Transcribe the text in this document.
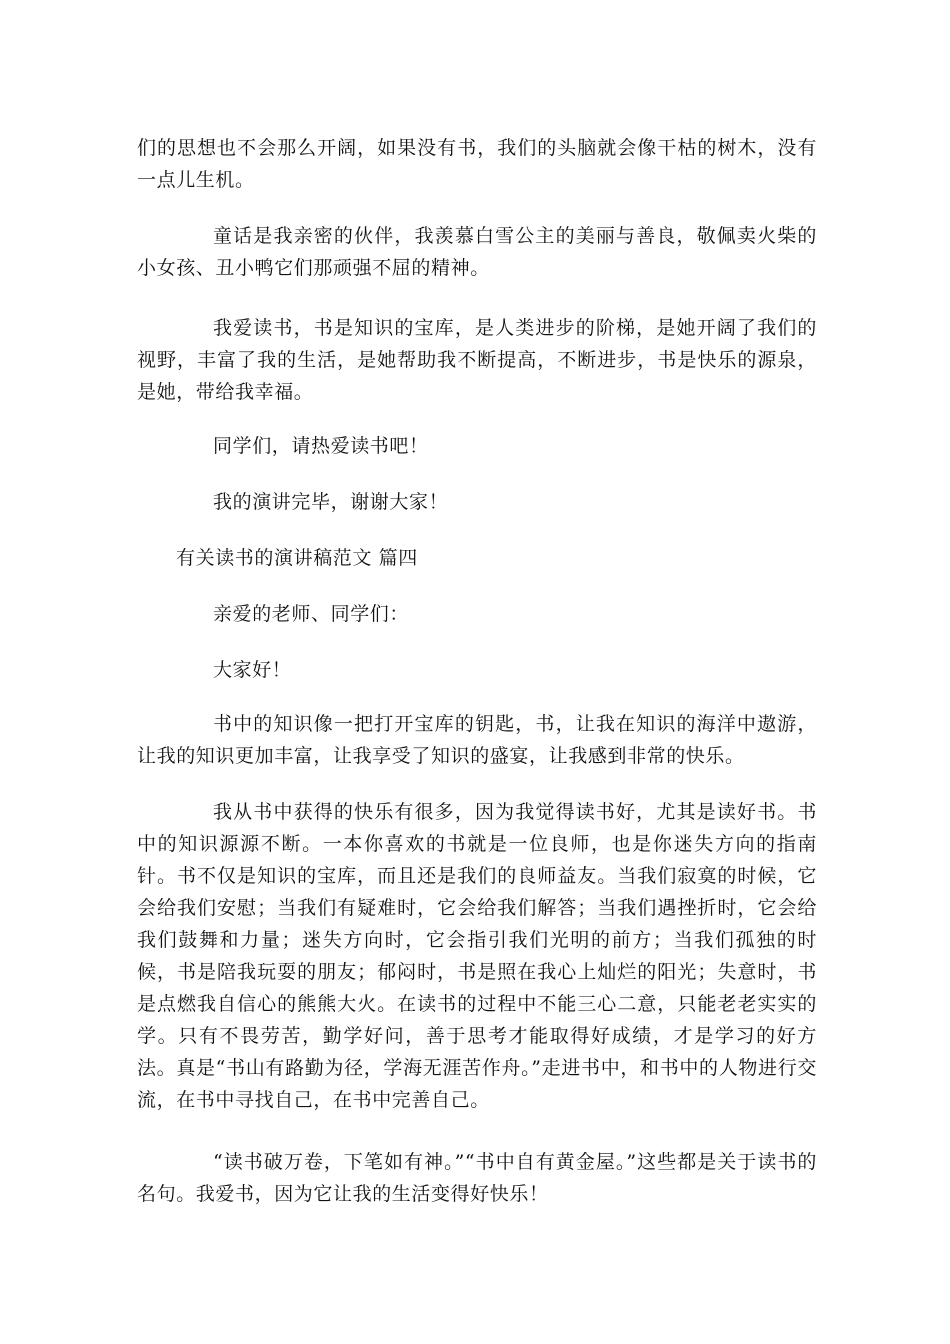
们的思想也不会那么开阔，如果没有书，我们的头脑就会像干枯的树木，没有一点儿生机。

童话是我亲密的伙伴，我羡慕白雪公主的美丽与善良，敬佩卖火柴的小女孩、丑小鸭它们那顽强不屈的精神。

我爱读书，书是知识的宝库，是人类进步的阶梯，是她开阔了我们的视野，丰富了我的生活，是她帮助我不断提高，不断进步，书是快乐的源泉，是她，带给我幸福。

同学们，请热爱读书吧！

我的演讲完毕，谢谢大家！

有关读书的演讲稿范文 篇四

亲爱的老师、同学们：

大家好！

书中的知识像一把打开宝库的钥匙，书，让我在知识的海洋中遨游，让我的知识更加丰富，让我享受了知识的盛宴，让我感到非常的快乐。

我从书中获得的快乐有很多，因为我觉得读书好，尤其是读好书。书中的知识源源不断。一本你喜欢的书就是一位良师，也是你迷失方向的指南针。书不仅是知识的宝库，而且还是我们的良师益友。当我们寂寞的时候，它会给我们安慰；当我们有疑难时，它会给我们解答；当我们遇挫折时，它会给我们鼓舞和力量；迷失方向时，它会指引我们光明的前方；当我们孤独的时候，书是陪我玩耍的朋友；郁闷时，书是照在我心上灿烂的阳光；失意时，书是点燃我自信心的熊熊大火。在读书的过程中不能三心二意，只能老老实实的学。只有不畏劳苦，勤学好问，善于思考才能取得好成绩，才是学习的好方法。真是“书山有路勤为径，学海无涯苦作舟。”走进书中，和书中的人物进行交流，在书中寻找自己，在书中完善自己。

“读书破万卷，下笔如有神。”“书中自有黄金屋。”这些都是关于读书的名句。我爱书，因为它让我的生活变得好快乐！
